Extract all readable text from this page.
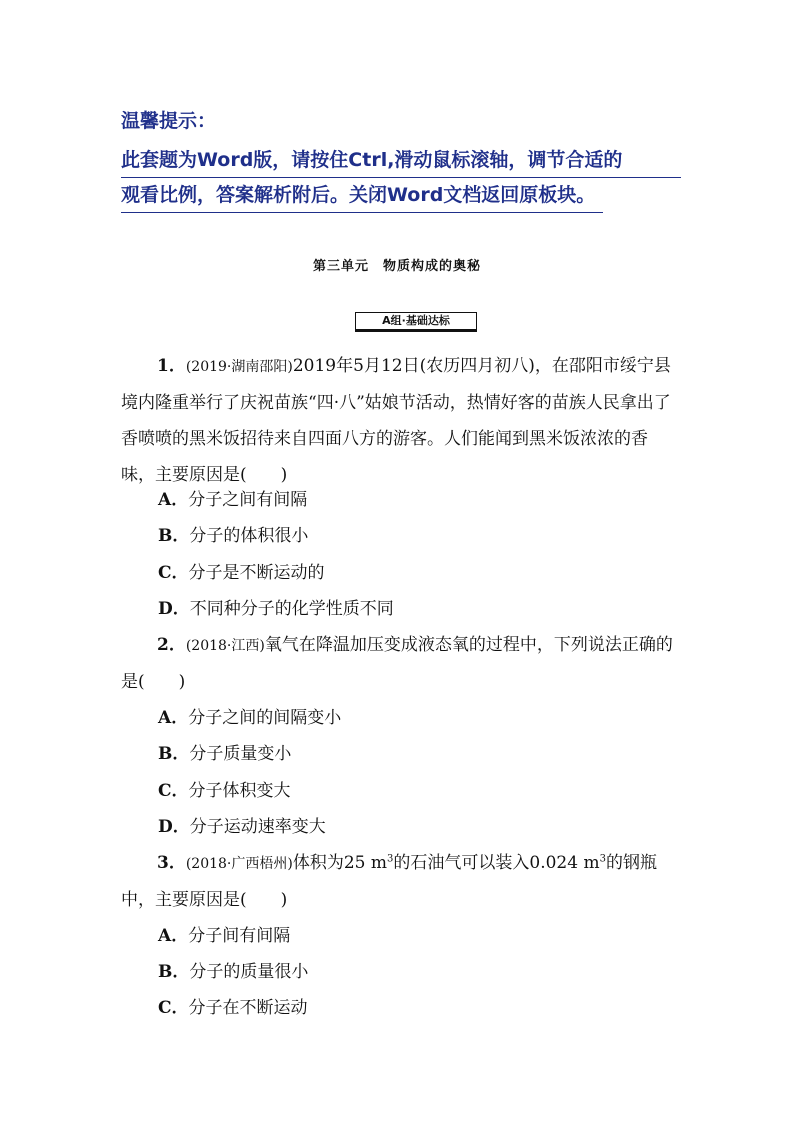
温馨提示：
此套题为Word版，请按住Ctrl,滑动鼠标滚轴，调节合适的
观看比例，答案解析附后。关闭Word文档返回原板块。
第三单元　物质构成的奥秘
A组·基础达标
1．(2019·湖南邵阳)2019年5月12日(农历四月初八)，在邵阳市绥宁县境内隆重举行了庆祝苗族“四·八”姑娘节活动，热情好客的苗族人民拿出了香喷喷的黑米饭招待来自四面八方的游客。人们能闻到黑米饭浓浓的香味，主要原因是(　　)
A．分子之间有间隔
B．分子的体积很小
C．分子是不断运动的
D．不同种分子的化学性质不同
2．(2018·江西)氧气在降温加压变成液态氧的过程中，下列说法正确的是(　　)
A．分子之间的间隔变小
B．分子质量变小
C．分子体积变大
D．分子运动速率变大
3．(2018·广西梧州)体积为25 $m^3$的石油气可以装入0.024 $m^3$的钢瓶中，主要原因是(　　)
A．分子间有间隔
B．分子的质量很小
C．分子在不断运动
